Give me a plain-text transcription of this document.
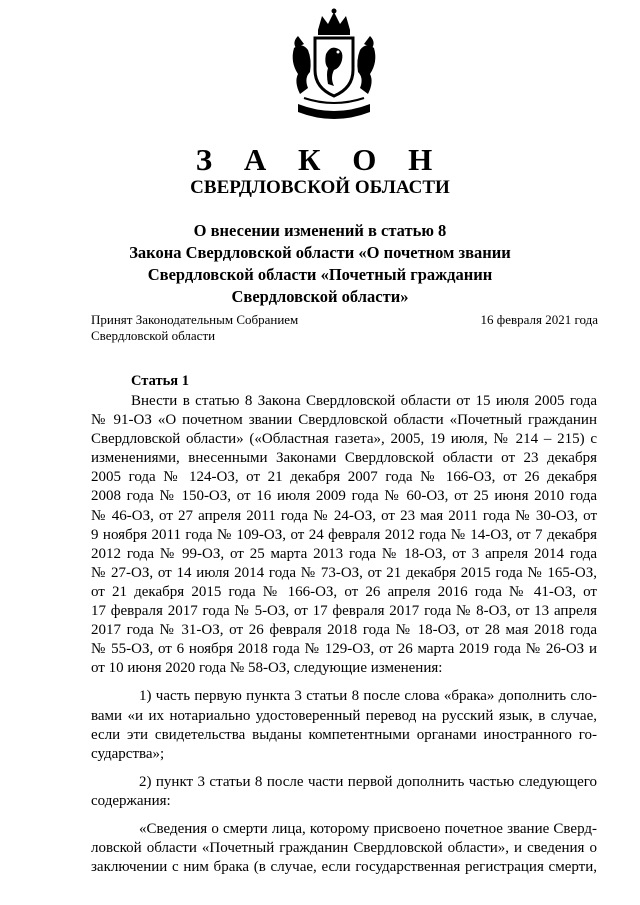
З А К О Н
СВЕРДЛОВСКОЙ ОБЛАСТИ
О внесении изменений в статью 8
Закона Свердловской области «О почетном звании
Свердловской области «Почетный гражданин
Свердловской области»
Принят Законодательным Собранием
Свердловской области
16 февраля 2021 года
Статья 1
Внести в статью 8 Закона Свердловской области от 15 июля 2005 года
№ 91-ОЗ «О почетном звании Свердловской области «Почетный гражданин
Свердловской области» («Областная газета», 2005, 19 июля, № 214 – 215) с
изменениями, внесенными Законами Свердловской области от 23 декабря
2005 года № 124-ОЗ, от 21 декабря 2007 года № 166-ОЗ, от 26 декабря
2008 года № 150-ОЗ, от 16 июля 2009 года № 60-ОЗ, от 25 июня 2010 года
№ 46-ОЗ, от 27 апреля 2011 года № 24-ОЗ, от 23 мая 2011 года № 30-ОЗ, от
9 ноября 2011 года № 109-ОЗ, от 24 февраля 2012 года № 14-ОЗ, от 7 декабря
2012 года № 99-ОЗ, от 25 марта 2013 года № 18-ОЗ, от 3 апреля 2014 года
№ 27-ОЗ, от 14 июля 2014 года № 73-ОЗ, от 21 декабря 2015 года № 165-ОЗ,
от 21 декабря 2015 года № 166-ОЗ, от 26 апреля 2016 года № 41-ОЗ, от
17 февраля 2017 года № 5-ОЗ, от 17 февраля 2017 года № 8-ОЗ, от 13 апреля
2017 года № 31-ОЗ, от 26 февраля 2018 года № 18-ОЗ, от 28 мая 2018 года
№ 55-ОЗ, от 6 ноября 2018 года № 129-ОЗ, от 26 марта 2019 года № 26-ОЗ и
от 10 июня 2020 года № 58-ОЗ, следующие изменения:
1) часть первую пункта 3 статьи 8 после слова «брака» дополнить сло-
вами «и их нотариально удостоверенный перевод на русский язык, в случае,
если эти свидетельства выданы компетентными органами иностранного го-
сударства»;
2) пункт 3 статьи 8 после части первой дополнить частью следующего
содержания:
«Сведения о смерти лица, которому присвоено почетное звание Сверд-
ловской области «Почетный гражданин Свердловской области», и сведения о
заключении с ним брака (в случае, если государственная регистрация смерти,
